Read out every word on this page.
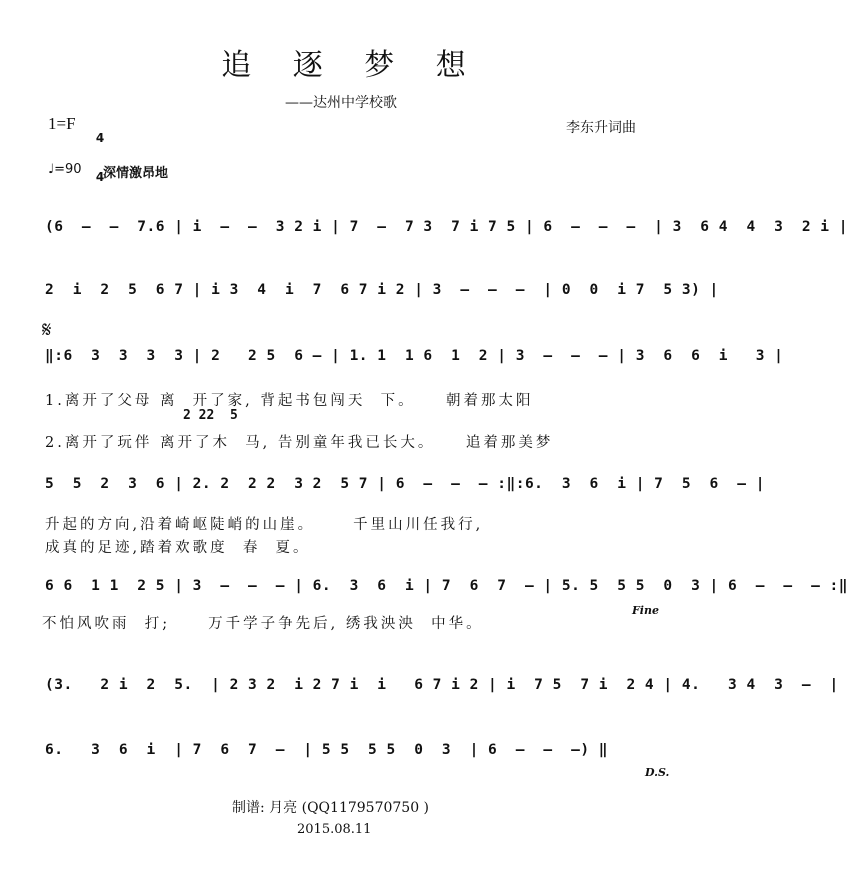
追 逐 梦 想
——达州中学校歌
1=F

4

4

李东升词曲
♩=90 深情激昂地
(6  –  –  7.6 | i  –  –  3 2 i | 7  –  7 3  7 i 7 5 | 6  –  –  –  | 3  6 4  4  3  2 i |
2  i  2  5  6 7 | i 3  4  i  7  6 7 i 2 | 3  –  –  –  | 0  0  i 7  5 3) |
𝄋
‖:6  3  3  3  3 | 2   2 5  6 – | 1. 1  1 6  1  2 | 3  –  –  – | 3  6  6  i   3 |
1.离开了父母 离  开了家, 背起书包闯天  下。    朝着那太阳
2 22  5
2.离开了玩伴 离开了木  马, 告别童年我已长大。    追着那美梦
5  5  2  3  6 | 2. 2  2 2  3 2  5 7 | 6  –  –  – :‖:6.  3  6  i | 7  5  6  – |
升起的方向,沿着崎岖陡峭的山崖。     千里山川任我行,
成真的足迹,踏着欢歌度  春  夏。
6 6  1 1  2 5 | 3  –  –  – | 6.  3  6  i | 7  6  7  – | 5. 5  5 5  0  3 | 6  –  –  – :‖
Fine
不怕风吹雨  打;     万千学子争先后, 绣我泱泱  中华。
(3.   2 i  2  5.  | 2 3 2  i 2 7 i  i   6 7 i 2 | i  7 5  7 i  2 4 | 4.   3 4  3  –  |
6.   3  6  i  | 7  6  7  –  | 5 5  5 5  0  3  | 6  –  –  –) ‖
D.S.
制谱: 月亮 (QQ1179570750 )
2015.08.11
